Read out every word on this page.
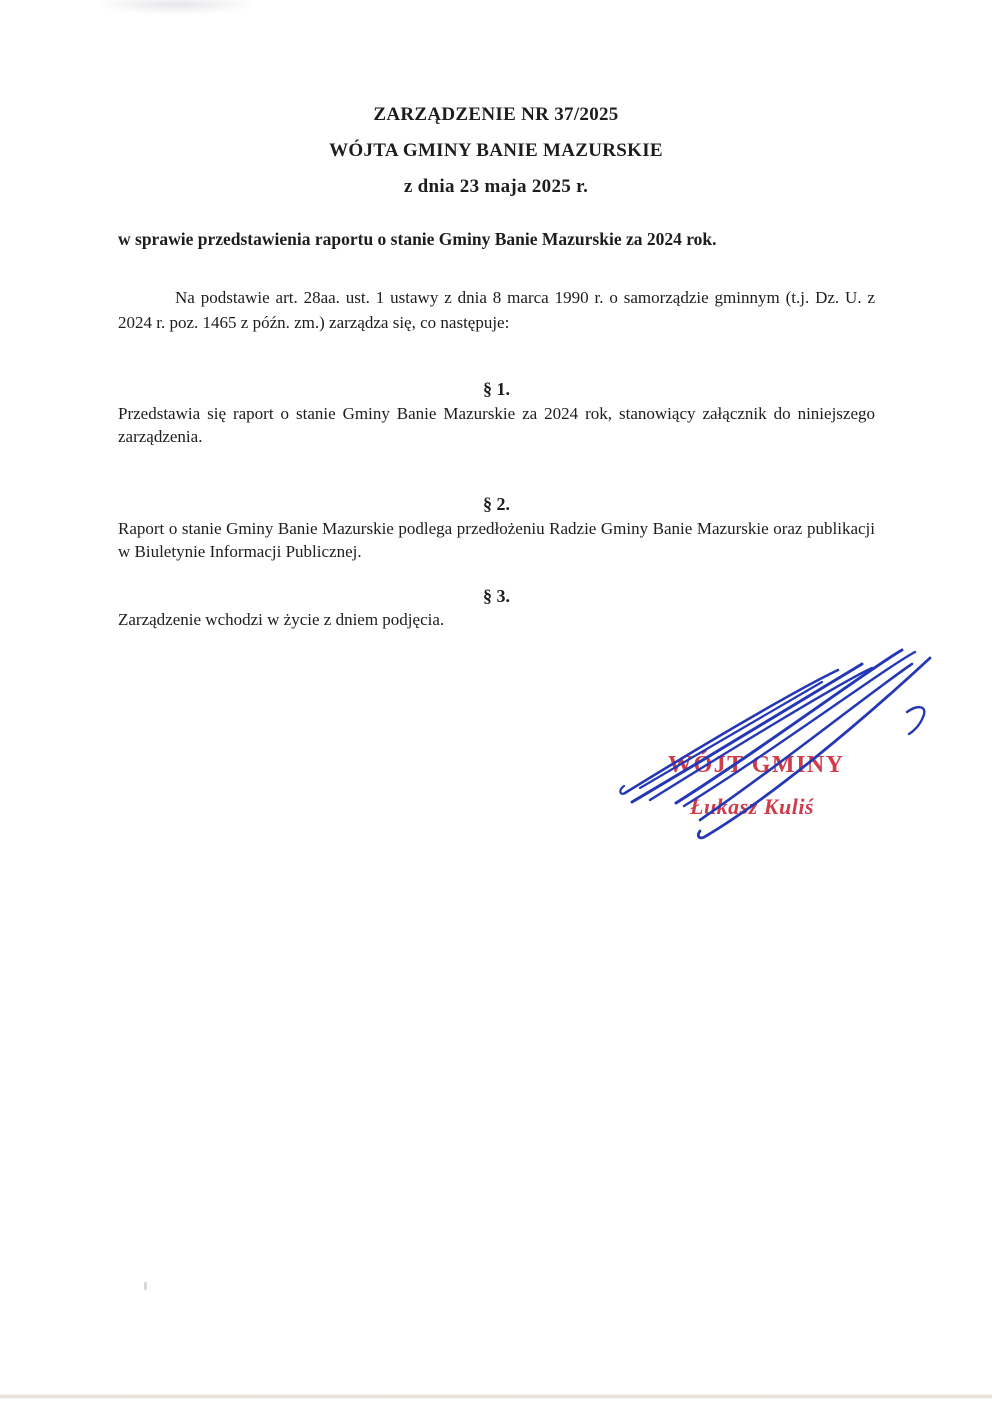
ZARZĄDZENIE NR 37/2025
WÓJTA GMINY BANIE MAZURSKIE
z dnia 23 maja 2025 r.
w sprawie przedstawienia raportu o stanie Gminy Banie Mazurskie za 2024 rok.
Na podstawie art. 28aa. ust. 1 ustawy z dnia 8 marca 1990 r. o samorządzie gminnym (t.j. Dz. U. z 2024 r. poz. 1465 z późn. zm.) zarządza się, co następuje:
§ 1.
Przedstawia się raport o stanie Gminy Banie Mazurskie za 2024 rok, stanowiący załącznik do niniejszego zarządzenia.
§ 2.
Raport o stanie Gminy Banie Mazurskie podlega przedłożeniu Radzie Gminy Banie Mazurskie oraz publikacji w Biuletynie Informacji Publicznej.
§ 3.
Zarządzenie wchodzi w życie z dniem podjęcia.
WÓJT GMINY
Łukasz Kuliś
